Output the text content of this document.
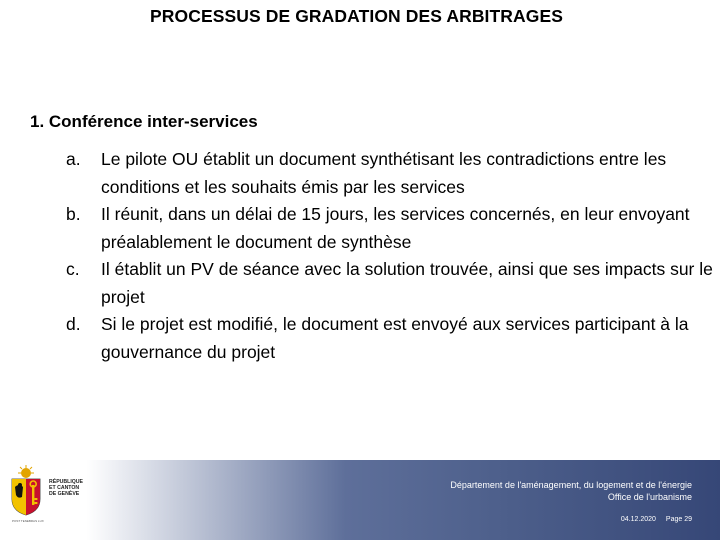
PROCESSUS DE GRADATION DES ARBITRAGES
1. Conférence inter-services
a. Le pilote OU établit un document synthétisant les contradictions entre les conditions et les souhaits émis par les services
b. Il réunit, dans un délai de 15 jours, les services concernés, en leur envoyant préalablement le document de synthèse
c. Il établit un PV de séance avec la solution trouvée, ainsi que ses impacts sur le projet
d. Si le projet est modifié, le document est envoyé aux services participant à la gouvernance du projet
RÉPUBLIQUE
ET CANTON
DE GENÈVE
POST TENEBRAS LUX
Département de l'aménagement, du logement et de l'énergie
Office de l'urbanisme
04.12.2020 Page 29
